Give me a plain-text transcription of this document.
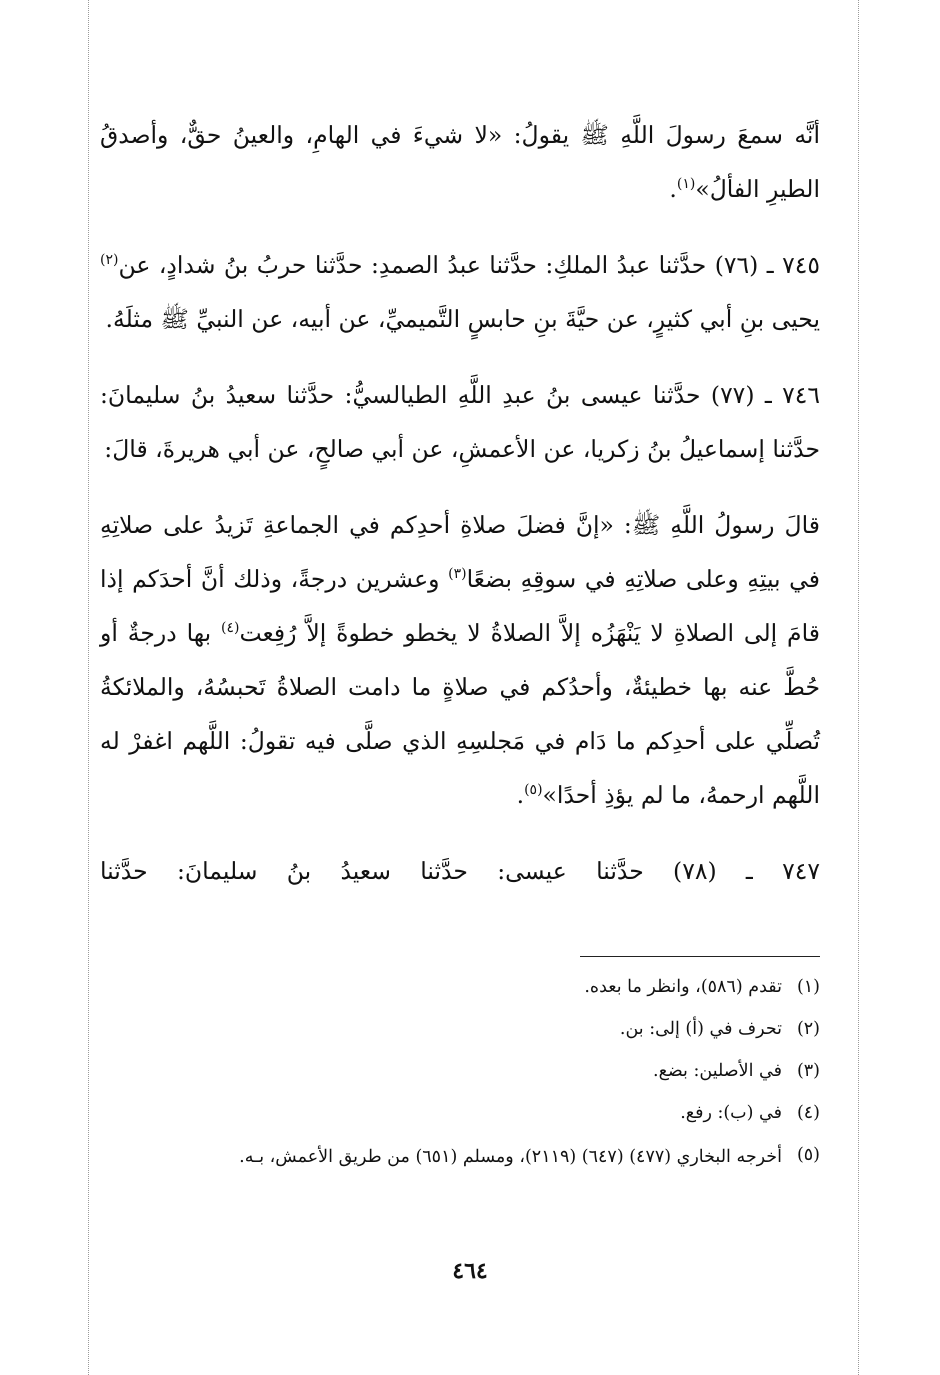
أنَّه سمعَ رسولَ اللَّهِ ﷺ يقولُ: «لا شيءَ في الهامِ، والعينُ حقٌّ، وأصدقُ الطيرِ الفألُ»$^{(١)}$.

٧٤٥ ـ (٧٦) حدَّثنا عبدُ الملكِ: حدَّثنا عبدُ الصمدِ: حدَّثنا حربُ بنُ شدادٍ، عن$^{(٢)}$ يحيى بنِ أبي كثيرٍ، عن حيَّةَ بنِ حابسٍ التَّميميِّ، عن أبيه، عن النبيِّ ﷺ مثلَهُ.

٧٤٦ ـ (٧٧) حدَّثنا عيسى بنُ عبدِ اللَّهِ الطيالسيُّ: حدَّثنا سعيدُ بنُ سليمانَ: حدَّثنا إسماعيلُ بنُ زكريا، عن الأعمشِ، عن أبي صالحٍ، عن أبي هريرةَ، قالَ:

قالَ رسولُ اللَّهِ ﷺ: «إنَّ فضلَ صلاةِ أحدِكم في الجماعةِ تَزيدُ على صلاتِهِ في بيتِهِ وعلى صلاتِهِ في سوقِهِ بضعًا$^{(٣)}$ وعشرين درجةً، وذلك أنَّ أحدَكم إذا قامَ إلى الصلاةِ لا يَنْهَزُه إلاَّ الصلاةُ لا يخطو خطوةً إلاَّ رُفِعت$^{(٤)}$ بها درجةٌ أو حُطَّ عنه بها خطيئةٌ، وأحدُكم في صلاةٍ ما دامت الصلاةُ تَحبسُهُ، والملائكةُ تُصلِّي على أحدِكم ما دَام في مَجلسِهِ الذي صلَّى فيه تقولُ: اللَّهم اغفرْ له اللَّهم ارحمهُ، ما لم يؤذِ أحدًا»$^{(٥)}$.

٧٤٧ ـ (٧٨) حدَّثنا عيسى: حدَّثنا سعيدُ بنُ سليمانَ: حدَّثنا

(١)
تقدم (٥٨٦)، وانظر ما بعده.
(٢)
تحرف في (أ) إلى: بن.
(٣)
في الأصلين: بضع.
(٤)
في (ب): رفع.
(٥)
أخرجه البخاري (٤٧٧) (٦٤٧) (٢١١٩)، ومسلم (٦٥١) من طريق الأعمش، بـه.
٤٦٤
